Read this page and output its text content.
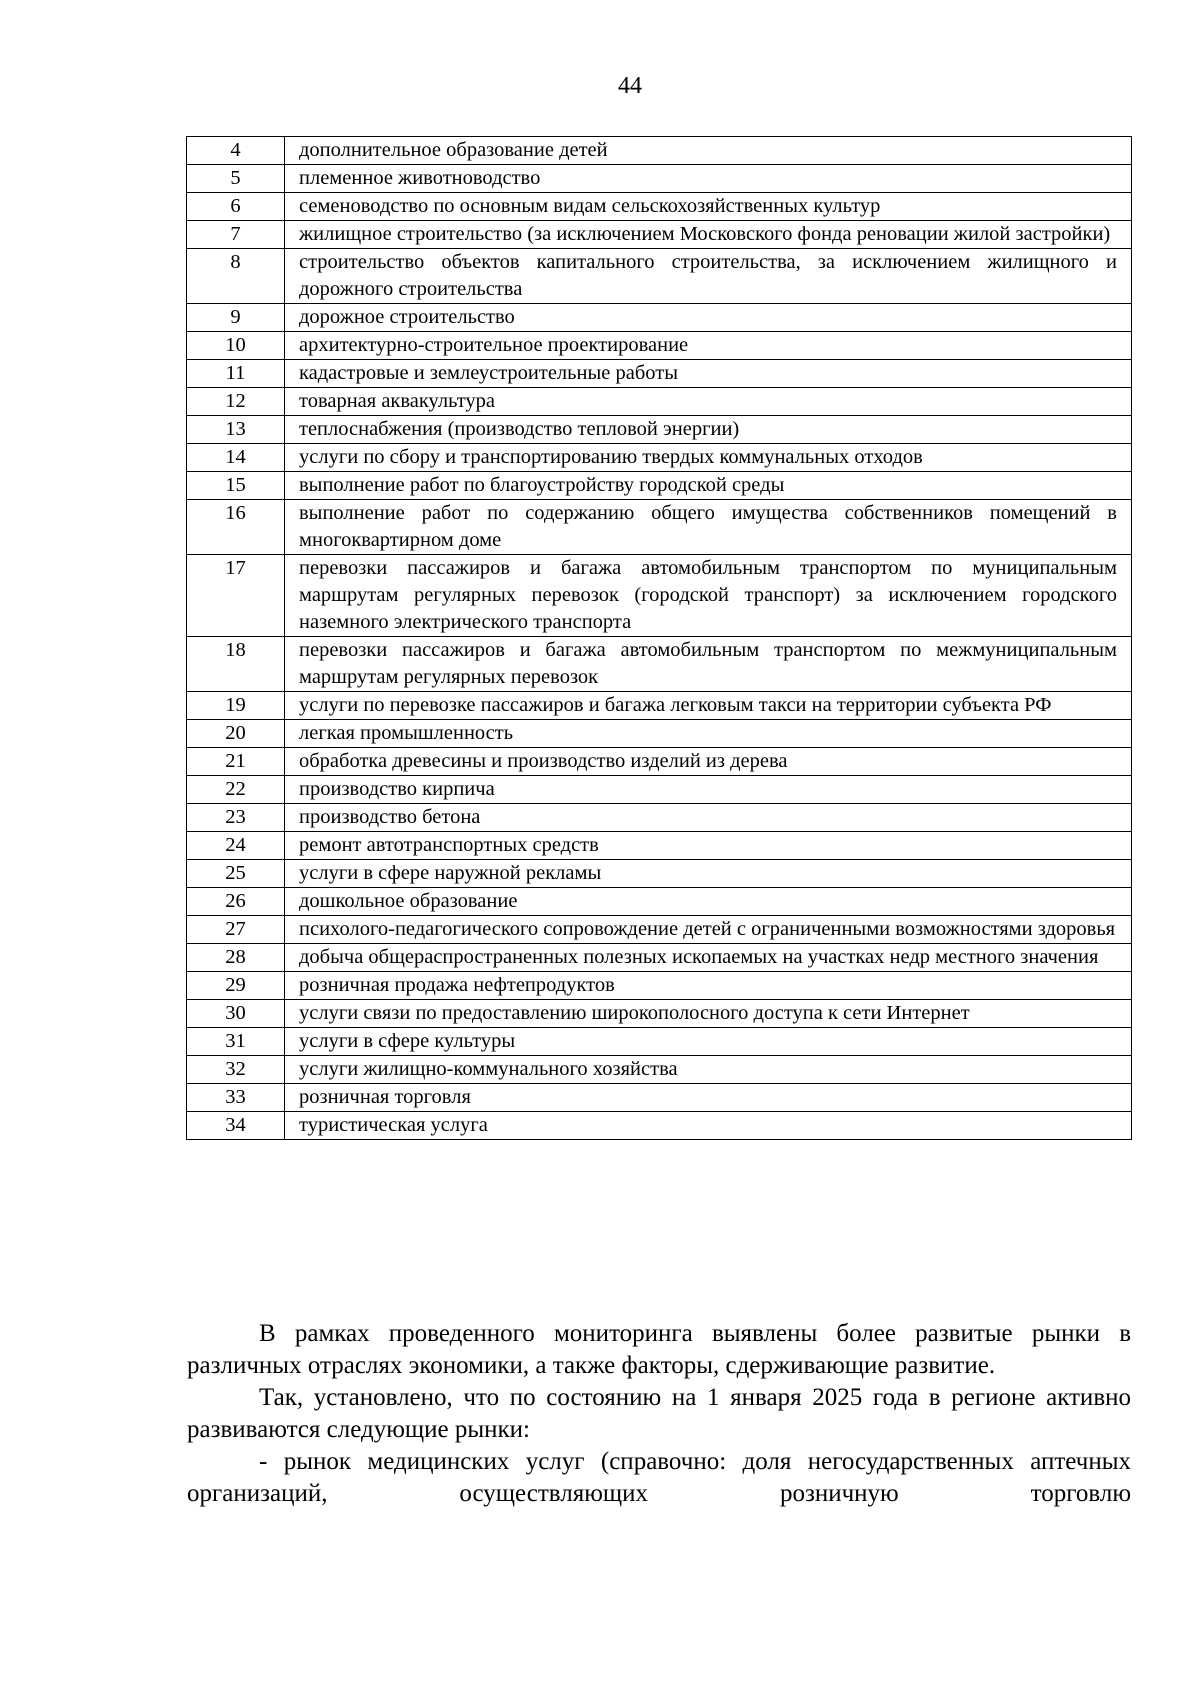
44
4	дополнительное образование детей
5	племенное животноводство
6	семеноводство по основным видам сельскохозяйственных культур
7	жилищное строительство (за исключением Московского фонда реновации жилой застройки)
8	строительство объектов капитального строительства, за исключением жилищного и дорожного строительства
9	дорожное строительство
10	архитектурно-строительное проектирование
11	кадастровые и землеустроительные работы
12	товарная аквакультура
13	теплоснабжения (производство тепловой энергии)
14	услуги по сбору и транспортированию твердых коммунальных отходов
15	выполнение работ по благоустройству городской среды
16	выполнение работ по содержанию общего имущества собственников помещений в многоквартирном доме
17	перевозки пассажиров и багажа автомобильным транспортом по муниципальным маршрутам регулярных перевозок (городской транспорт) за исключением городского наземного электрического транспорта
18	перевозки пассажиров и багажа автомобильным транспортом по межмуниципальным маршрутам регулярных перевозок
19	услуги по перевозке пассажиров и багажа легковым такси на территории субъекта РФ
20	легкая промышленность
21	обработка древесины и производство изделий из дерева
22	производство кирпича
23	производство бетона
24	ремонт автотранспортных средств
25	услуги в сфере наружной рекламы
26	дошкольное образование
27	психолого-педагогического сопровождение детей с ограниченными возможностями здоровья
28	добыча общераспространенных полезных ископаемых на участках недр местного значения
29	розничная продажа нефтепродуктов
30	услуги связи по предоставлению широкополосного доступа к сети Интернет
31	услуги в сфере культуры
32	услуги жилищно-коммунального хозяйства
33	розничная торговля
34	туристическая услуга

В рамках проведенного мониторинга выявлены более развитые рынки в различных отраслях экономики, а также факторы, сдерживающие развитие.

Так, установлено, что по состоянию на 1 января 2025 года в регионе активно развиваются следующие рынки:

- рынок медицинских услуг (справочно: доля негосударственных аптечных организаций, осуществляющих розничную торговлю
